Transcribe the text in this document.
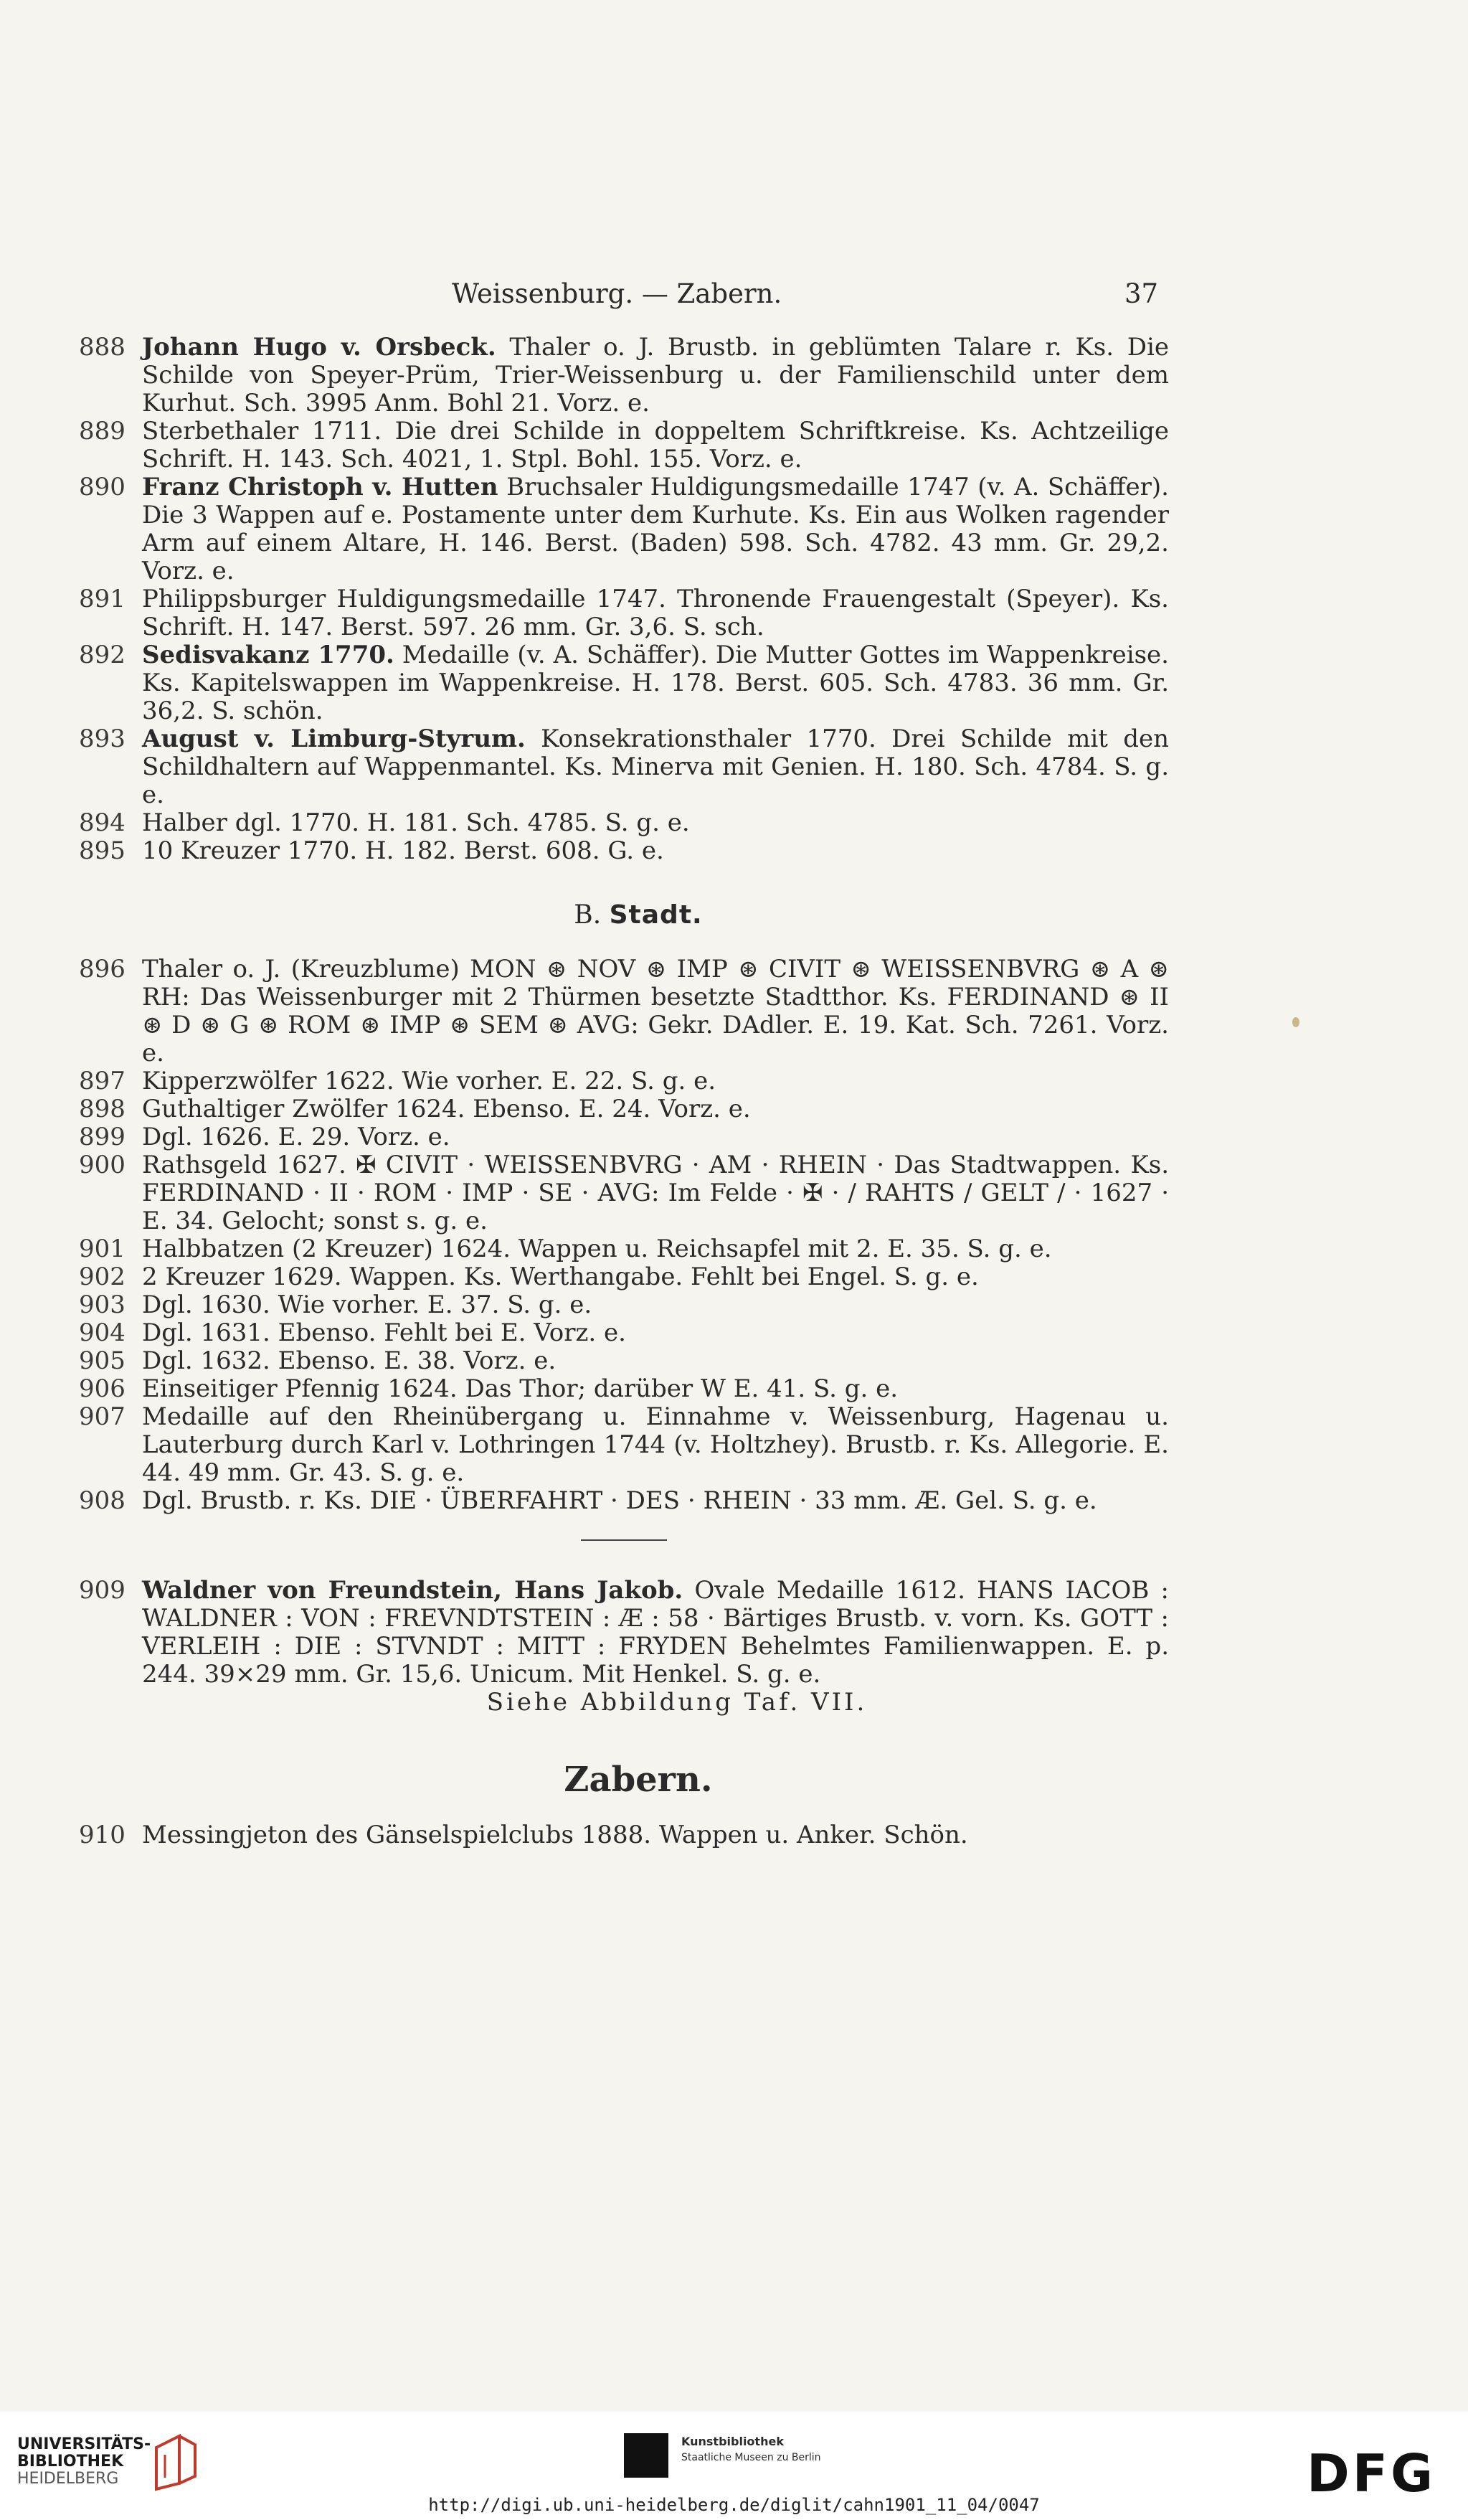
Weissenburg. — Zabern.	37
888 Johann Hugo v. Orsbeck. Thaler o. J. Brustb. in geblümten Talare r. Ks. Die Schilde von Speyer-Prüm, Trier-Weissenburg u. der Familienschild unter dem Kurhut. Sch. 3995 Anm. Bohl 21. Vorz. e.
889 Sterbethaler 1711. Die drei Schilde in doppeltem Schriftkreise. Ks. Achtzeilige Schrift. H. 143. Sch. 4021, 1. Stpl. Bohl. 155. Vorz. e.
890 Franz Christoph v. Hutten Bruchsaler Huldigungsmedaille 1747 (v. A. Schäffer). Die 3 Wappen auf e. Postamente unter dem Kurhute. Ks. Ein aus Wolken ragender Arm auf einem Altare, H. 146. Berst. (Baden) 598. Sch. 4782. 43 mm. Gr. 29,2. Vorz. e.
891 Philippsburger Huldigungsmedaille 1747. Thronende Frauengestalt (Speyer). Ks. Schrift. H. 147. Berst. 597. 26 mm. Gr. 3,6. S. sch.
892 Sedisvakanz 1770. Medaille (v. A. Schäffer). Die Mutter Gottes im Wappenkreise. Ks. Kapitelswappen im Wappenkreise. H. 178. Berst. 605. Sch. 4783. 36 mm. Gr. 36,2. S. schön.
893 August v. Limburg-Styrum. Konsekrationsthaler 1770. Drei Schilde mit den Schildhaltern auf Wappenmantel. Ks. Minerva mit Genien. H. 180. Sch. 4784. S. g. e.
894 Halber dgl. 1770. H. 181. Sch. 4785. S. g. e.
895 10 Kreuzer 1770. H. 182. Berst. 608. G. e.
B. Stadt.
896 Thaler o. J. (Kreuzblume) MON ⊛ NOV ⊛ IMP ⊛ CIVIT ⊛ WEISSENBVRG ⊛ A ⊛ RH: Das Weissenburger mit 2 Thürmen besetzte Stadtthor. Ks. FERDINAND ⊛ II ⊛ D ⊛ G ⊛ ROM ⊛ IMP ⊛ SEM ⊛ AVG: Gekr. DAdler. E. 19. Kat. Sch. 7261. Vorz. e.
897 Kipperzwölfer 1622. Wie vorher. E. 22. S. g. e.
898 Guthaltiger Zwölfer 1624. Ebenso. E. 24. Vorz. e.
899 Dgl. 1626. E. 29. Vorz. e.
900 Rathsgeld 1627. ✠ CIVIT · WEISSENBVRG · AM · RHEIN · Das Stadtwappen. Ks. FERDINAND · II · ROM · IMP · SE · AVG: Im Felde · ✠ · / RAHTS / GELT / · 1627 · E. 34. Gelocht; sonst s. g. e.
901 Halbbatzen (2 Kreuzer) 1624. Wappen u. Reichsapfel mit 2. E. 35. S. g. e.
902 2 Kreuzer 1629. Wappen. Ks. Werthangabe. Fehlt bei Engel. S. g. e.
903 Dgl. 1630. Wie vorher. E. 37. S. g. e.
904 Dgl. 1631. Ebenso. Fehlt bei E. Vorz. e.
905 Dgl. 1632. Ebenso. E. 38. Vorz. e.
906 Einseitiger Pfennig 1624. Das Thor; darüber W E. 41. S. g. e.
907 Medaille auf den Rheinübergang u. Einnahme v. Weissenburg, Hagenau u. Lauterburg durch Karl v. Lothringen 1744 (v. Holtzhey). Brustb. r. Ks. Allegorie. E. 44. 49 mm. Gr. 43. S. g. e.
908 Dgl. Brustb. r. Ks. DIE · ÜBERFAHRT · DES · RHEIN · 33 mm. Æ. Gel. S. g. e.
909 Waldner von Freundstein, Hans Jakob. Ovale Medaille 1612. HANS IACOB : WALDNER : VON : FREVNDTSTEIN : Æ : 58 · Bärtiges Brustb. v. vorn. Ks. GOTT : VERLEIH : DIE : STVNDT : MITT : FRYDEN Behelmtes Familienwappen. E. p. 244. 39×29 mm. Gr. 15,6. Unicum. Mit Henkel. S. g. e.
Siehe Abbildung Taf. VII.
Zabern.
910 Messingjeton des Gänselspielclubs 1888. Wappen u. Anker. Schön.
UNIVERSITÄTS-
BIBLIOTHEK
HEIDELBERG
Kunstbibliothek
Staatliche Museen zu Berlin	DFG
http://digi.ub.uni-heidelberg.de/diglit/cahn1901_11_04/0047
